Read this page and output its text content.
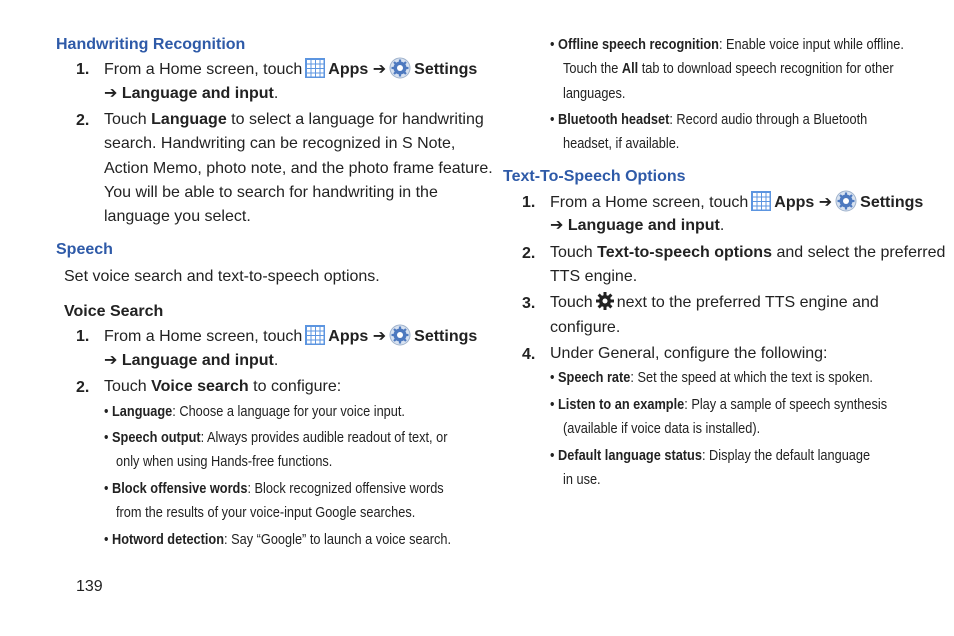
Handwriting Recognition
1. From a Home screen, touch Apps ➔ Settings
➔ Language and input.
2. Touch Language to select a language for handwriting
search. Handwriting can be recognized in S Note,
Action Memo, photo note, and the photo frame feature.
You will be able to search for handwriting in the
language you select.
Speech
Set voice search and text-to-speech options.
Voice Search
1. From a Home screen, touch Apps ➔ Settings
➔ Language and input.
2. Touch Voice search to configure:
• Language: Choose a language for your voice input.
• Speech output: Always provides audible readout of text, or
only when using Hands-free functions.
• Block offensive words: Block recognized offensive words
from the results of your voice-input Google searches.
• Hotword detection: Say “Google” to launch a voice search.
139
• Offline speech recognition: Enable voice input while offline.
Touch the All tab to download speech recognition for other
languages.
• Bluetooth headset: Record audio through a Bluetooth
headset, if available.
Text-To-Speech Options
1. From a Home screen, touch Apps ➔ Settings
➔ Language and input.
2. Touch Text-to-speech options and select the preferred
TTS engine.
3. Touch next to the preferred TTS engine and
configure.
4. Under General, configure the following:
• Speech rate: Set the speed at which the text is spoken.
• Listen to an example: Play a sample of speech synthesis
(available if voice data is installed).
• Default language status: Display the default language
in use.
